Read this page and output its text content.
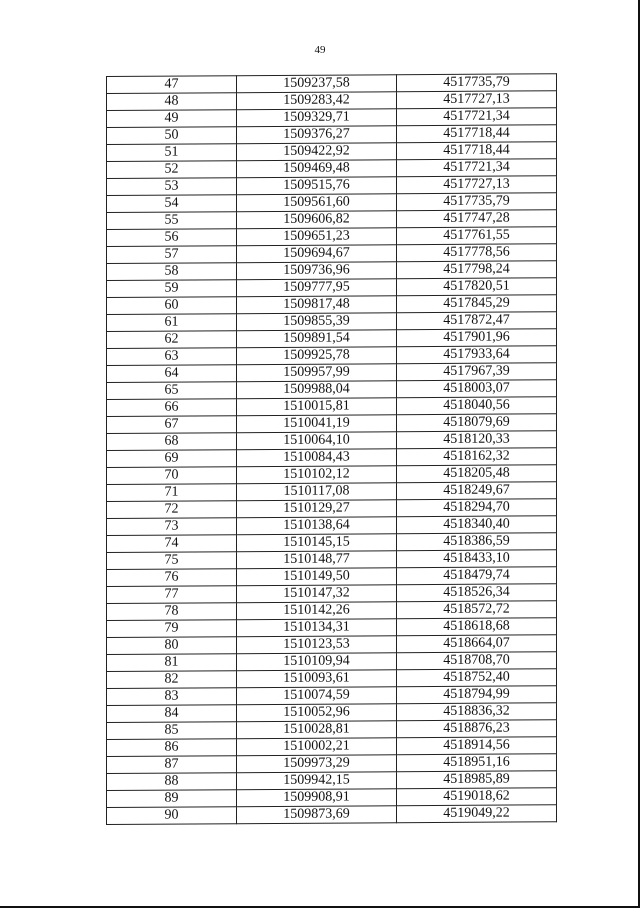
49
47	1509237,58	4517735,79
48	1509283,42	4517727,13
49	1509329,71	4517721,34
50	1509376,27	4517718,44
51	1509422,92	4517718,44
52	1509469,48	4517721,34
53	1509515,76	4517727,13
54	1509561,60	4517735,79
55	1509606,82	4517747,28
56	1509651,23	4517761,55
57	1509694,67	4517778,56
58	1509736,96	4517798,24
59	1509777,95	4517820,51
60	1509817,48	4517845,29
61	1509855,39	4517872,47
62	1509891,54	4517901,96
63	1509925,78	4517933,64
64	1509957,99	4517967,39
65	1509988,04	4518003,07
66	1510015,81	4518040,56
67	1510041,19	4518079,69
68	1510064,10	4518120,33
69	1510084,43	4518162,32
70	1510102,12	4518205,48
71	1510117,08	4518249,67
72	1510129,27	4518294,70
73	1510138,64	4518340,40
74	1510145,15	4518386,59
75	1510148,77	4518433,10
76	1510149,50	4518479,74
77	1510147,32	4518526,34
78	1510142,26	4518572,72
79	1510134,31	4518618,68
80	1510123,53	4518664,07
81	1510109,94	4518708,70
82	1510093,61	4518752,40
83	1510074,59	4518794,99
84	1510052,96	4518836,32
85	1510028,81	4518876,23
86	1510002,21	4518914,56
87	1509973,29	4518951,16
88	1509942,15	4518985,89
89	1509908,91	4519018,62
90	1509873,69	4519049,22
